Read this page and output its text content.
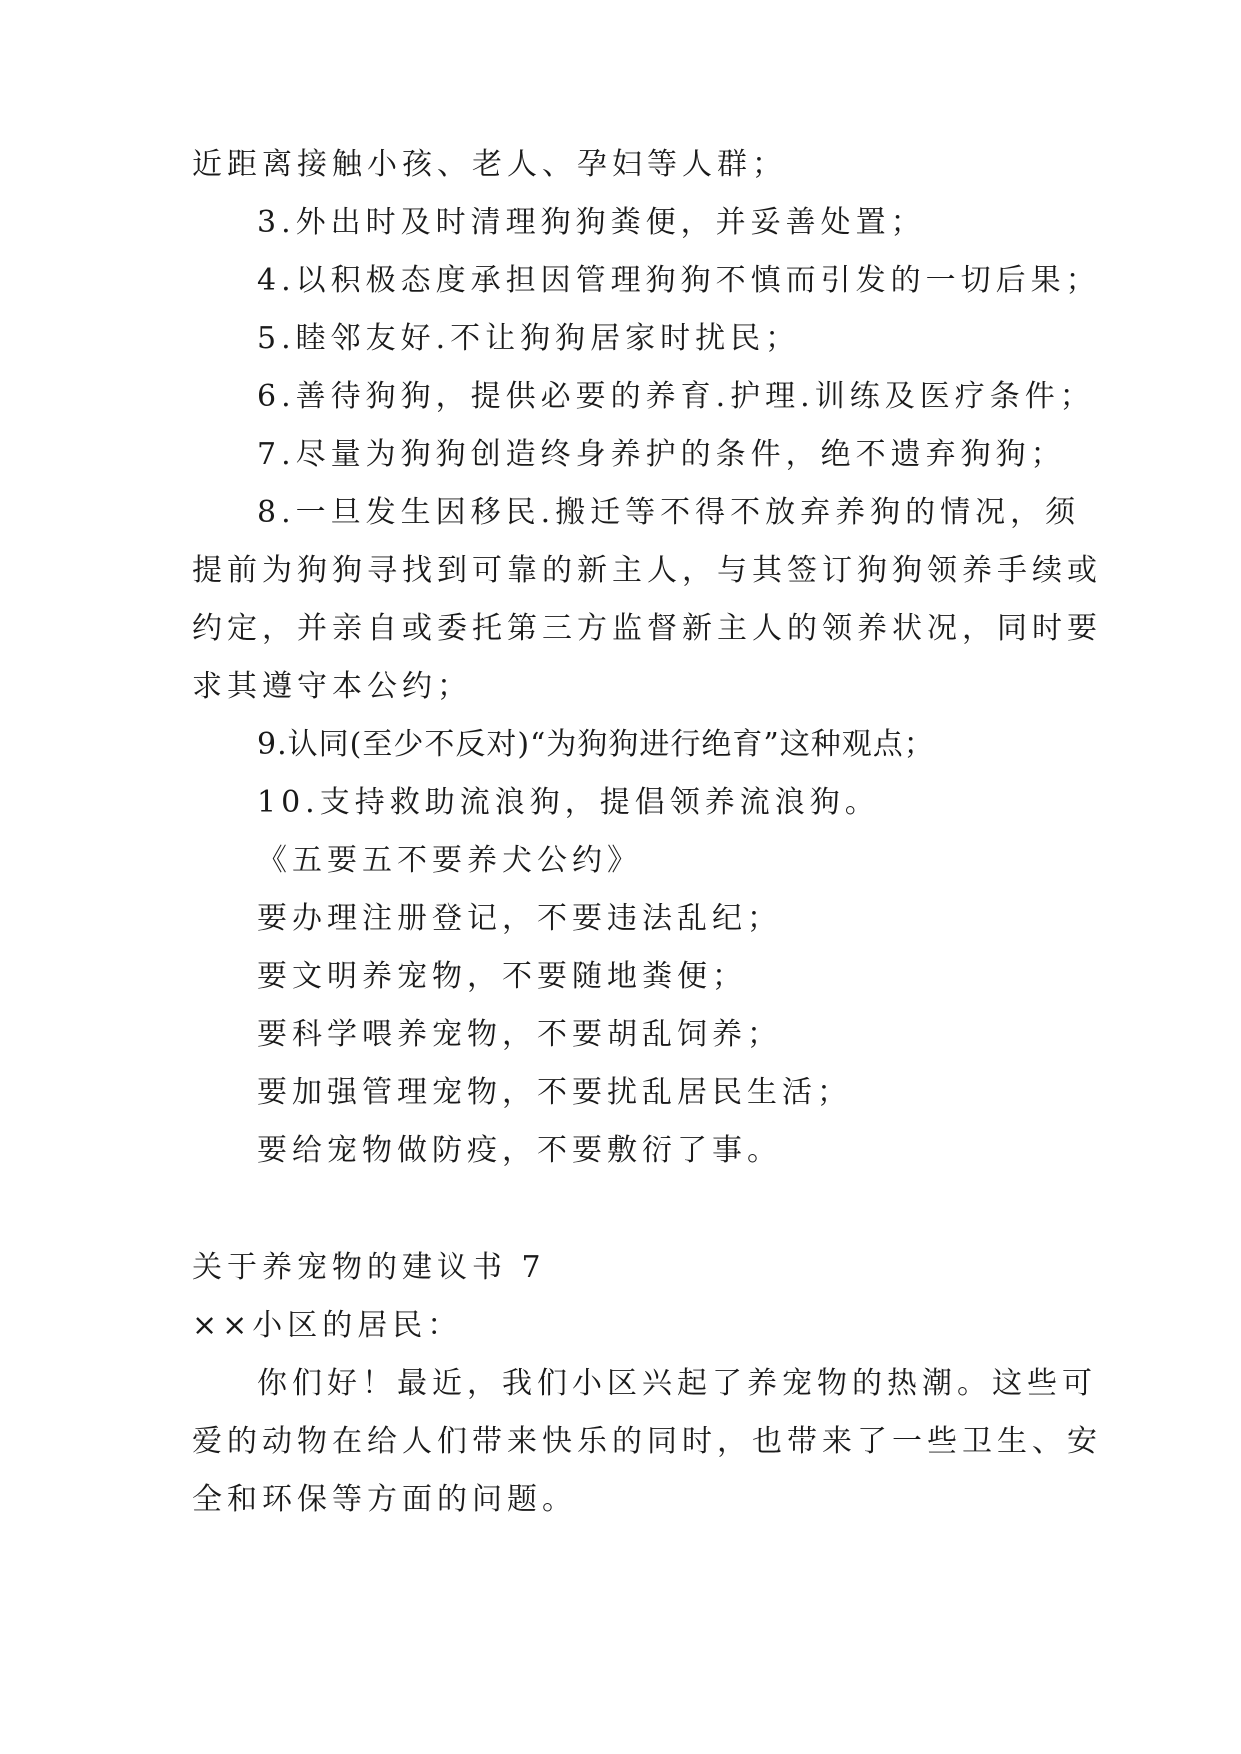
近距离接触小孩、老人、孕妇等人群；
3.外出时及时清理狗狗粪便，并妥善处置；
4.以积极态度承担因管理狗狗不慎而引发的一切后果；
5.睦邻友好.不让狗狗居家时扰民；
6.善待狗狗，提供必要的养育.护理.训练及医疗条件；
7.尽量为狗狗创造终身养护的条件，绝不遗弃狗狗；
8.一旦发生因移民.搬迁等不得不放弃养狗的情况，须
提前为狗狗寻找到可靠的新主人，与其签订狗狗领养手续或
约定，并亲自或委托第三方监督新主人的领养状况，同时要
求其遵守本公约；
9.认同(至少不反对)“为狗狗进行绝育”这种观点；
10.支持救助流浪狗，提倡领养流浪狗。
《五要五不要养犬公约》
要办理注册登记，不要违法乱纪；
要文明养宠物，不要随地粪便；
要科学喂养宠物，不要胡乱饲养；
要加强管理宠物，不要扰乱居民生活；
要给宠物做防疫，不要敷衍了事。
关于养宠物的建议书 7
××小区的居民：
你们好！最近，我们小区兴起了养宠物的热潮。这些可
爱的动物在给人们带来快乐的同时，也带来了一些卫生、安
全和环保等方面的问题。
